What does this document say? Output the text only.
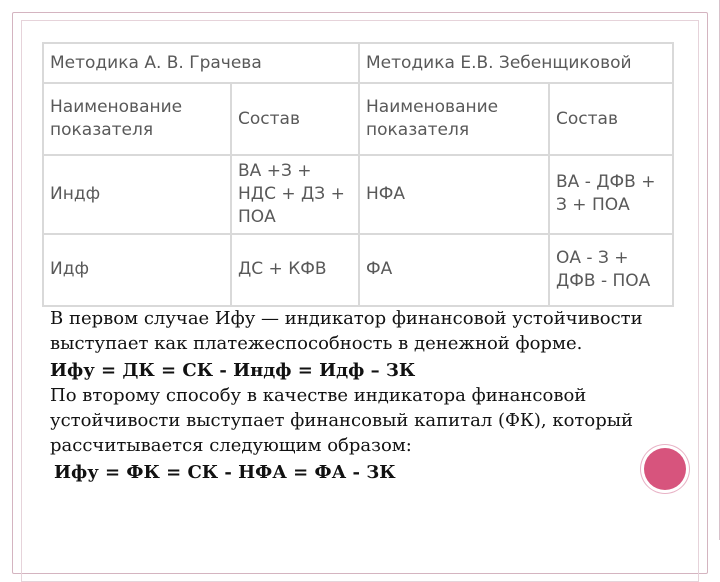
Методика А. В. Грачева		Методика Е.В. Зебенщиковой	
Наименование показателя	Состав	Наименование показателя	Состав
Индф	ВА +З + НДС + ДЗ + ПОА	НФА	ВА - ДФВ + З + ПОА
Идф	ДС + КФВ	ФА	ОА - З + ДФВ - ПОА

В первом случае Ифу — индикатор финансовой устойчивости выступает как платежеспособность в денежной форме.

Ифу = ДК = СК - Индф = Идф – ЗК

По второму способу в качестве индикатора финансовой устойчивости выступает финансовый капитал (ФК), который рассчитывается следующим образом:

Ифу = ФК = СК - НФА = ФА - ЗК
